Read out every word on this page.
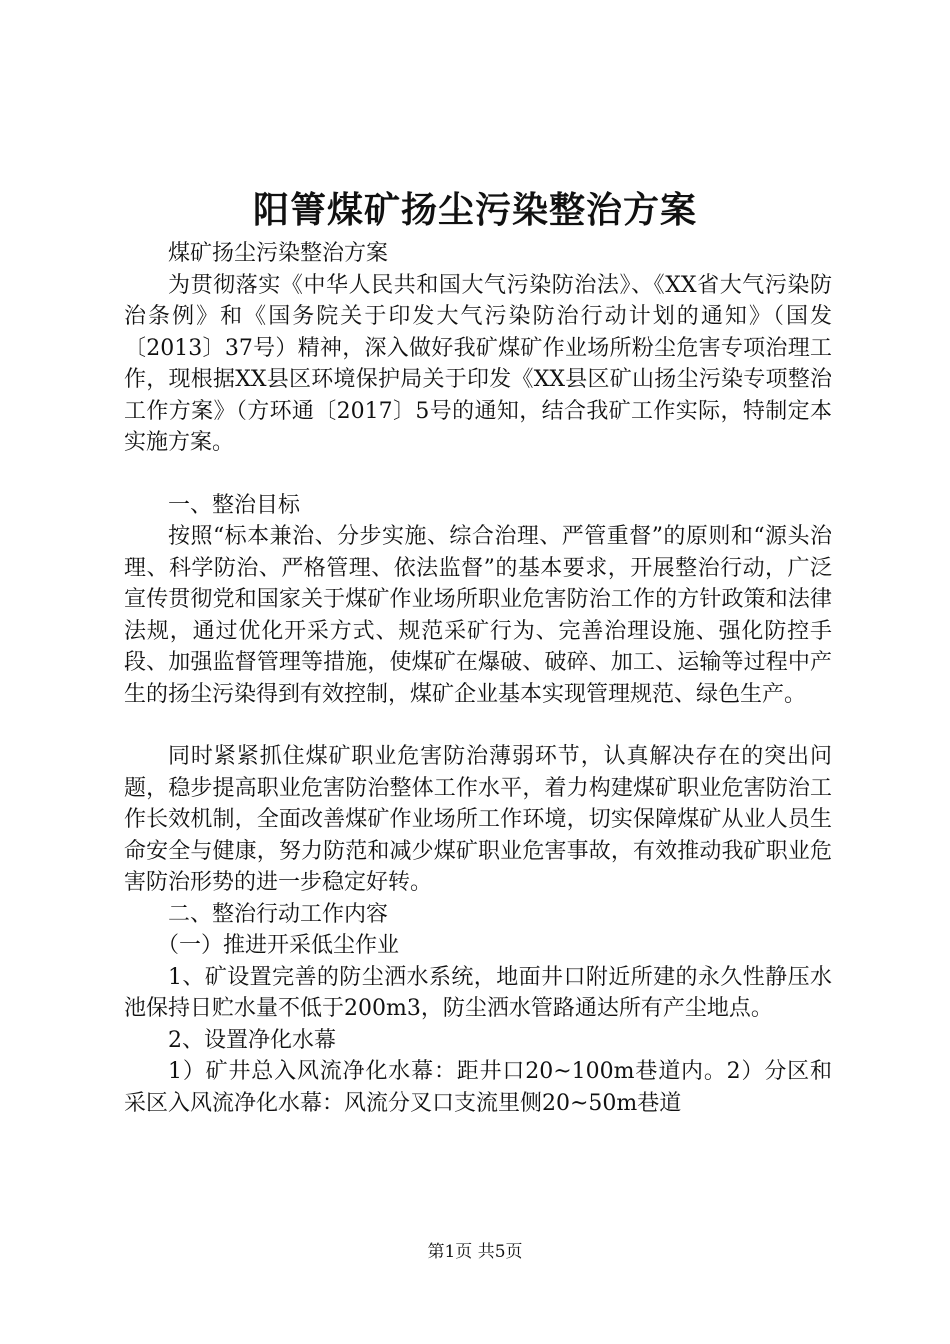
阳箐煤矿扬尘污染整治方案

煤矿扬尘污染整治方案

为贯彻落实《中华人民共和国大气污染防治法》、《XX省大气污染防治条例》和《国务院关于印发大气污染防治行动计划的通知》（国发〔2013〕37号）精神，深入做好我矿煤矿作业场所粉尘危害专项治理工作，现根据XX县区环境保护局关于印发《XX县区矿山扬尘污染专项整治工作方案》（方环通〔2017〕5号的通知，结合我矿工作实际，特制定本实施方案。

一、整治目标

按照“标本兼治、分步实施、综合治理、严管重督”的原则和“源头治理、科学防治、严格管理、依法监督”的基本要求，开展整治行动，广泛宣传贯彻党和国家关于煤矿作业场所职业危害防治工作的方针政策和法律法规，通过优化开采方式、规范采矿行为、完善治理设施、强化防控手段、加强监督管理等措施，使煤矿在爆破、破碎、加工、运输等过程中产生的扬尘污染得到有效控制，煤矿企业基本实现管理规范、绿色生产。

同时紧紧抓住煤矿职业危害防治薄弱环节，认真解决存在的突出问题，稳步提高职业危害防治整体工作水平，着力构建煤矿职业危害防治工作长效机制，全面改善煤矿作业场所工作环境，切实保障煤矿从业人员生命安全与健康，努力防范和减少煤矿职业危害事故，有效推动我矿职业危害防治形势的进一步稳定好转。

二、整治行动工作内容

（一）推进开采低尘作业

1、矿设置完善的防尘洒水系统，地面井口附近所建的永久性静压水池保持日贮水量不低于200m3，防尘洒水管路通达所有产尘地点。

2、设置净化水幕

1）矿井总入风流净化水幕：距井口20~100m巷道内。2）分区和采区入风流净化水幕：风流分叉口支流里侧20~50m巷道

第1页 共5页
